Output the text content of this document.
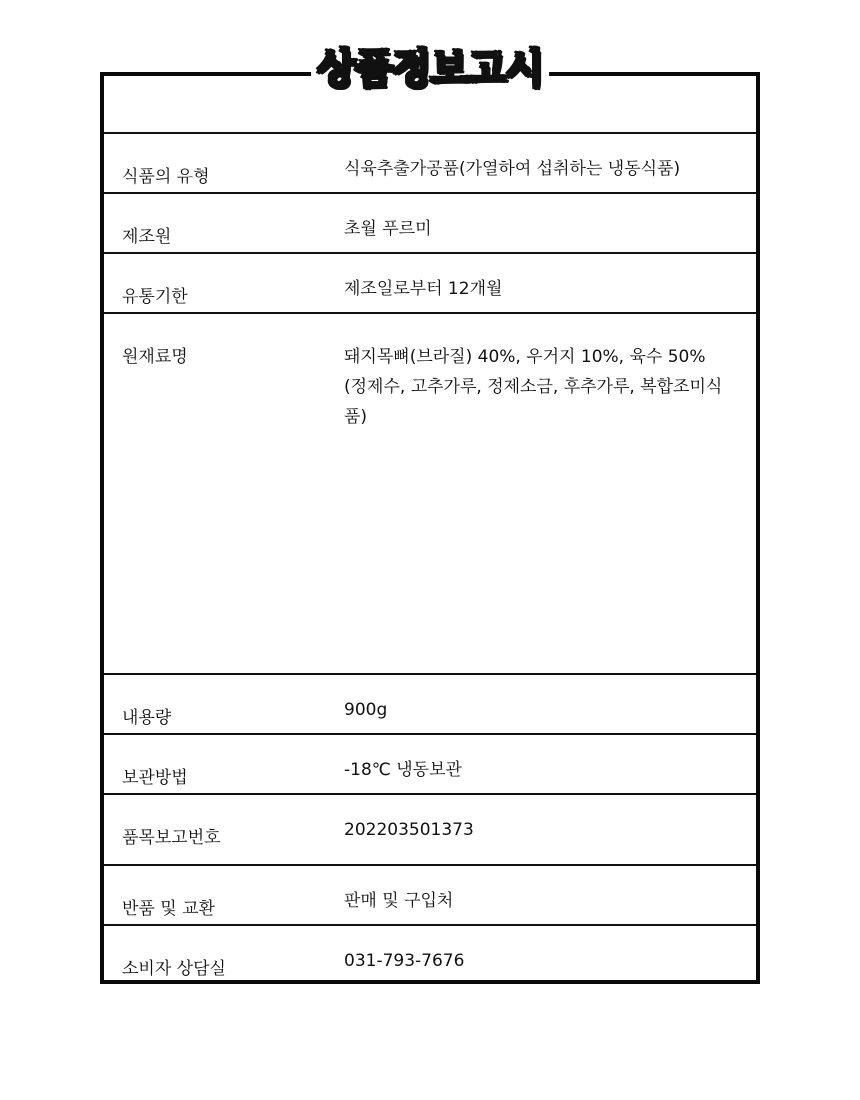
상품정보고시
식품의 유형	식육추출가공품(가열하여 섭취하는 냉동식품)
제조원	초월 푸르미
유통기한	제조일로부터 12개월
원재료명	돼지목뼈(브라질) 40%, 우거지 10%, 육수 50% (정제수, 고추가루, 정제소금, 후추가루, 복합조미식품)
내용량	900g
보관방법	-18℃ 냉동보관
품목보고번호	202203501373
반품 및 교환	판매 및 구입처
소비자 상담실	031-793-7676
